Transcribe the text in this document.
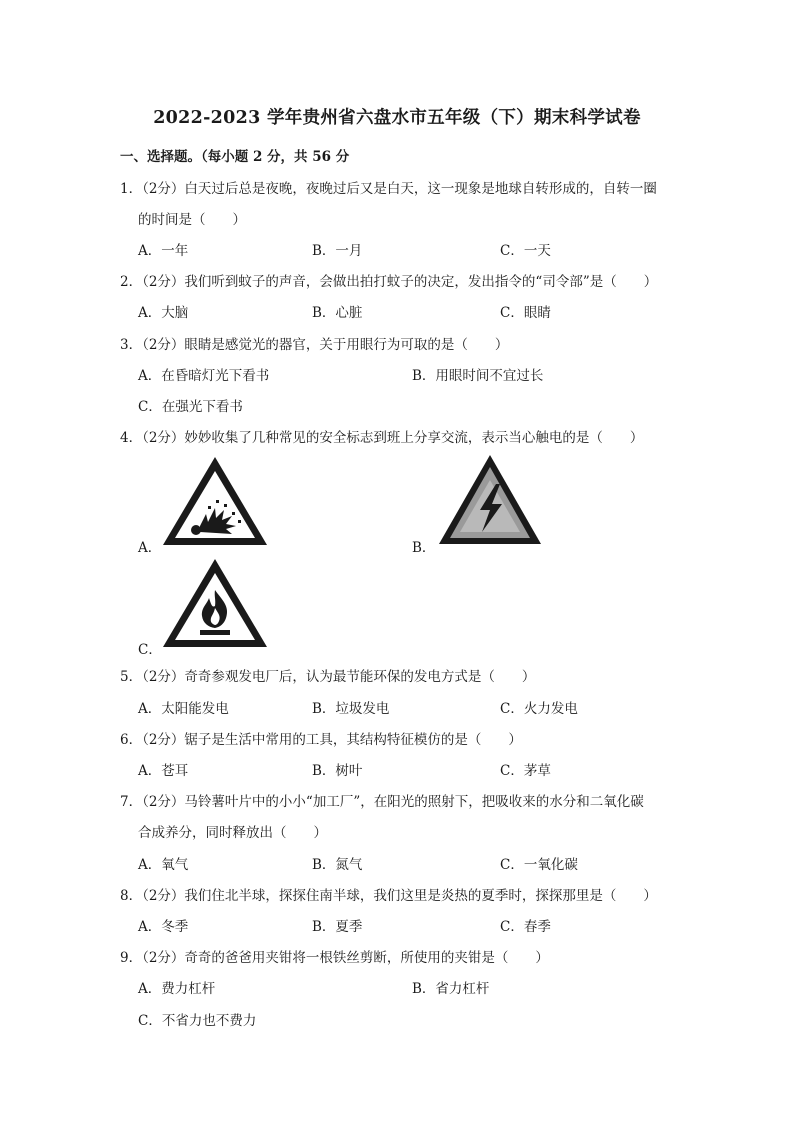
2022-2023 学年贵州省六盘水市五年级（下）期末科学试卷
一、选择题。（每小题 2 分，共 56 分
1．（2分）白天过后总是夜晚，夜晚过后又是白天，这一现象是地球自转形成的，自转一圈
的时间是（　　）
A．一年	B．一月	C．一天
2．（2分）我们听到蚊子的声音，会做出拍打蚊子的决定，发出指令的“司令部”是（　　）
A．大脑	B．心脏	C．眼睛
3．（2分）眼睛是感觉光的器官，关于用眼行为可取的是（　　）
A．在昏暗灯光下看书	B．用眼时间不宜过长
C．在强光下看书
4．（2分）妙妙收集了几种常见的安全标志到班上分享交流，表示当心触电的是（　　）
A．	B．
C．
5．（2分）奇奇参观发电厂后，认为最节能环保的发电方式是（　　）
A．太阳能发电	B．垃圾发电	C．火力发电
6．（2分）锯子是生活中常用的工具，其结构特征模仿的是（　　）
A．苍耳	B．树叶	C．茅草
7．（2分）马铃薯叶片中的小小“加工厂”，在阳光的照射下，把吸收来的水分和二氧化碳
合成养分，同时释放出（　　）
A．氧气	B．氮气	C．一氧化碳
8．（2分）我们住北半球，探探住南半球，我们这里是炎热的夏季时，探探那里是（　　）
A．冬季	B．夏季	C．春季
9．（2分）奇奇的爸爸用夹钳将一根铁丝剪断，所使用的夹钳是（　　）
A．费力杠杆	B．省力杠杆
C．不省力也不费力
